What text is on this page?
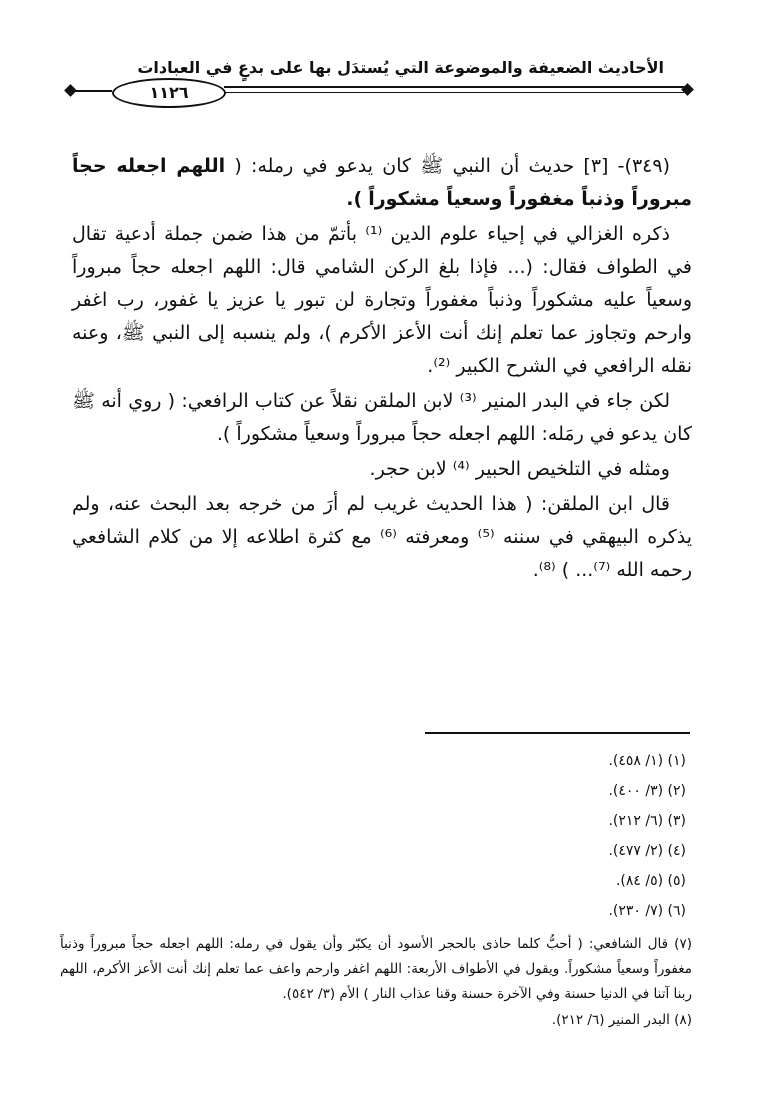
الأحاديث الضعيفة والموضوعة التي يُستدَل بها على بدعٍ في العبادات
١١٢٦

(٣٤٩)- [٣] حديث أن النبي ﷺ كان يدعو في رمله: ( اللهم اجعله حجاً مبروراً وذنباً مغفوراً وسعياً مشكوراً ).

ذكره الغزالي في إحياء علوم الدين ⁽¹⁾ بأتمّ من هذا ضمن جملة أدعية تقال في الطواف فقال: (... فإذا بلغ الركن الشامي قال: اللهم اجعله حجاً مبروراً وسعياً عليه مشكوراً وذنباً مغفوراً وتجارة لن تبور يا عزيز يا غفور، رب اغفر وارحم وتجاوز عما تعلم إنك أنت الأعز الأكرم )، ولم ينسبه إلى النبي ﷺ، وعنه نقله الرافعي في الشرح الكبير ⁽²⁾.

لكن جاء في البدر المنير ⁽³⁾ لابن الملقن نقلاً عن كتاب الرافعي: ( روي أنه ﷺ كان يدعو في رمَله: اللهم اجعله حجاً مبروراً وسعياً مشكوراً ).

ومثله في التلخيص الحبير ⁽⁴⁾ لابن حجر.

قال ابن الملقن: ( هذا الحديث غريب لم أرَ من خرجه بعد البحث عنه، ولم يذكره البيهقي في سننه ⁽⁵⁾ ومعرفته ⁽⁶⁾ مع كثرة اطلاعه إلا من كلام الشافعي رحمه الله ⁽⁷⁾... ) ⁽⁸⁾.

(١) (١/ ٤٥٨).
(٢) (٣/ ٤٠٠).
(٣) (٦/ ٢١٢).
(٤) (٢/ ٤٧٧).
(٥) (٥/ ٨٤).
(٦) (٧/ ٢٣٠).
(٧) قال الشافعي: ( أحبُّ كلما حاذى بالحجر الأسود أن يكبّر وأن يقول في رمله: اللهم اجعله حجاً مبروراً وذنباً مغفوراً وسعياً مشكوراً. ويقول في الأطواف الأربعة: اللهم اغفر وارحم واعف عما تعلم إنك أنت الأعز الأكرم، اللهم ربنا آتنا في الدنيا حسنة وفي الآخرة حسنة وقنا عذاب النار ) الأم (٣/ ٥٤٢).
(٨) البدر المنير (٦/ ٢١٢).
